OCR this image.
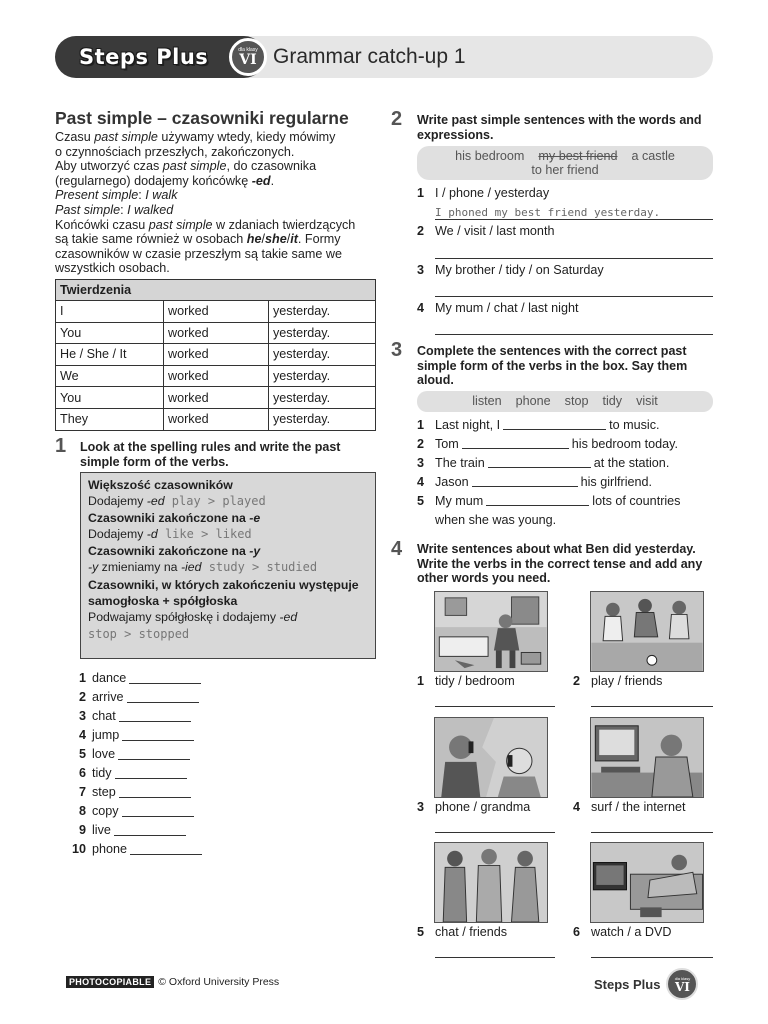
Steps Plus	dla klasy
VI Grammar catch-up 1
Past simple – czasowniki regularne

Czasu past simple używamy wtedy, kiedy mówimy

o czynnościach przeszłych, zakończonych.

Aby utworzyć czas past simple, do czasownika

(regularnego) dodajemy końcówkę -ed.

Present simple: I walk

Past simple: I walked

Końcówki czasu past simple w zdaniach twierdzących

są takie same również w osobach he/she/it. Formy

czasowników w czasie przeszłym są takie same we

wszystkich osobach.

Twierdzenia		
I	worked	yesterday.
You	worked	yesterday.
He / She / It	worked	yesterday.
We	worked	yesterday.
You	worked	yesterday.
They	worked	yesterday.
1 Look at the spelling rules and write the past
simple form of the verbs.
Większość czasowników
Dodajemy -ed play > played
Czasowniki zakończone na -e
Dodajemy -d like > liked
Czasowniki zakończone na -y
-y zmieniamy na -ied study > studied
Czasowniki, w których zakończeniu występuje
samogłoska + spółgłoska
Podwajamy spółgłoskę i dodajemy -ed
stop > stopped
1 dance
2 arrive
3 chat
4 jump
5 love
6 tidy
7 step
8 copy
9 live
10 phone
2 Write past simple sentences with the words and
expressions.
his bedroom my best friend a castle
to her friend
1 I / phone / yesterday
I phoned my best friend yesterday.
2 We / visit / last month
3 My brother / tidy / on Saturday
4 My mum / chat / last night
3 Complete the sentences with the correct past
simple form of the verbs in the box. Say them
aloud.
listen phone stop tidy visit
1 Last night, I	to music.
2 Tom	his bedroom today.
3 The train	at the station.
4 Jason	his girlfriend.
5 My mum	lots of countries
when she was young.
4 Write sentences about what Ben did yesterday.
Write the verbs in the correct tense and add any
other words you need.
1 tidy / bedroom	2 play / friends
3 phone / grandma	4 surf / the internet
5 chat / friends	6 watch / a DVD
PHOTOCOPIABLE © Oxford University Press	Steps Plus	dla klasy
VI
